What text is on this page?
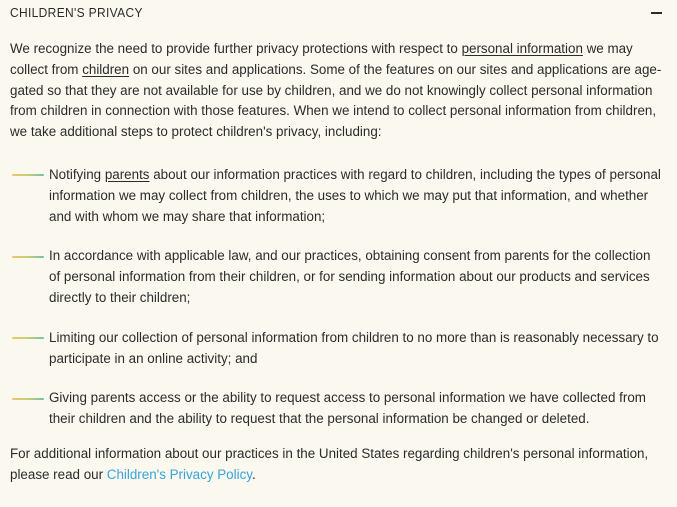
CHILDREN'S PRIVACY

We recognize the need to provide further privacy protections with respect to personal information we may collect from children on our sites and applications. Some of the features on our sites and applications are age-gated so that they are not available for use by children, and we do not knowingly collect personal information from children in connection with those features. When we intend to collect personal information from children, we take additional steps to protect children's privacy, including:

Notifying parents about our information practices with regard to children, including the types of personal information we may collect from children, the uses to which we may put that information, and whether and with whom we may share that information;
In accordance with applicable law, and our practices, obtaining consent from parents for the collection of personal information from their children, or for sending information about our products and services directly to their children;
Limiting our collection of personal information from children to no more than is reasonably necessary to participate in an online activity; and
Giving parents access or the ability to request access to personal information we have collected from their children and the ability to request that the personal information be changed or deleted.

For additional information about our practices in the United States regarding children's personal information, please read our Children's Privacy Policy.
